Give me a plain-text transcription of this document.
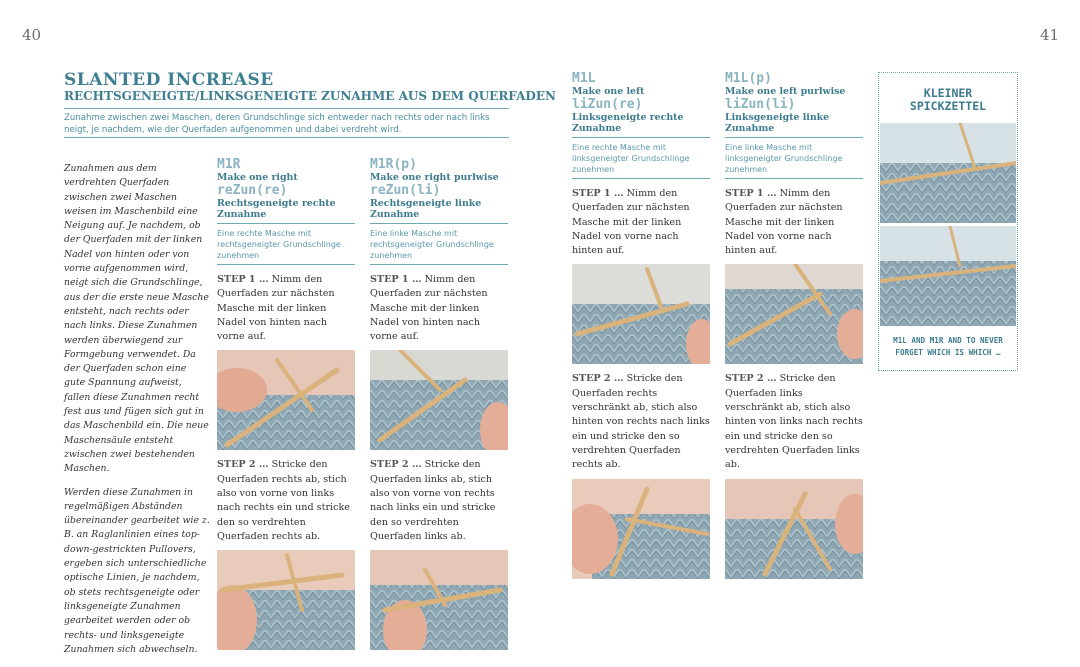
40	41
SLANTED INCREASE
RECHTSGENEIGTE/LINKSGENEIGTE ZUNAHME AUS DEM QUERFADEN
Zunahme zwischen zwei Maschen, deren Grundschlinge sich entweder nach rechts oder nach links neigt, je nachdem, wie der Querfaden aufgenommen und dabei verdreht wird.

Zunahmen aus dem verdrehten Querfaden zwischen zwei Maschen weisen im Maschenbild eine Neigung auf. Je nachdem, ob der Querfaden mit der linken Nadel von hinten oder von vorne aufgenommen wird, neigt sich die Grundschlinge, aus der die erste neue Masche entsteht, nach rechts oder nach links. Diese Zunahmen werden überwiegend zur Formgebung verwendet. Da der Querfaden schon eine gute Spannung aufweist, fallen diese Zunahmen recht fest aus und fügen sich gut in das Maschenbild ein. Die neue Maschensäule entsteht zwischen zwei bestehenden Maschen.

Werden diese Zunahmen in regelmäßigen Abständen übereinander gearbeitet wie z. B. an Raglanlinien eines top-down-gestrickten Pullovers, ergeben sich unterschiedliche optische Linien, je nachdem, ob stets rechtsgeneigte oder linksgeneigte Zunahmen gearbeitet werden oder ob rechts- und linksgeneigte Zunahmen sich abwechseln.

M1R
Make one right
reZun(re)
Rechtsgeneigte rechte Zunahme
Eine rechte Masche mit rechtsgeneigter Grundschlinge zunehmen
STEP 1 … Nimm den Querfaden zur nächsten Masche mit der linken Nadel von hinten nach vorne auf.
STEP 2 … Stricke den Querfaden rechts ab, stich also von vorne von links nach rechts ein und stricke den so verdrehten Querfaden rechts ab.
M1R(p)
Make one right purlwise
reZun(li)
Rechtsgeneigte linke Zunahme
Eine linke Masche mit rechtsgeneigter Grundschlinge zunehmen
STEP 1 … Nimm den Querfaden zur nächsten Masche mit der linken Nadel von hinten nach vorne auf.
STEP 2 … Stricke den Querfaden links ab, stich also von vorne von rechts nach links ein und stricke den so verdrehten Querfaden links ab.
M1L
Make one left
liZun(re)
Linksgeneigte rechte Zunahme
Eine rechte Masche mit linksgeneigter Grundschlinge zunehmen
STEP 1 … Nimm den Querfaden zur nächsten Masche mit der linken Nadel von vorne nach hinten auf.
STEP 2 … Stricke den Querfaden rechts verschränkt ab, stich also hinten von rechts nach links ein und stricke den so verdrehten Querfaden rechts ab.
M1L(p)
Make one left purlwise
liZun(li)
Linksgeneigte linke Zunahme
Eine linke Masche mit linksgeneigter Grundschlinge zunehmen
STEP 1 … Nimm den Querfaden zur nächsten Masche mit der linken Nadel von vorne nach hinten auf.
STEP 2 … Stricke den Querfaden links verschränkt ab, stich also hinten von links nach rechts ein und stricke den so verdrehten Querfaden links ab.
KLEINER
SPICKZETTEL
M1L AND M1R AND TO NEVER FORGET WHICH IS WHICH …
